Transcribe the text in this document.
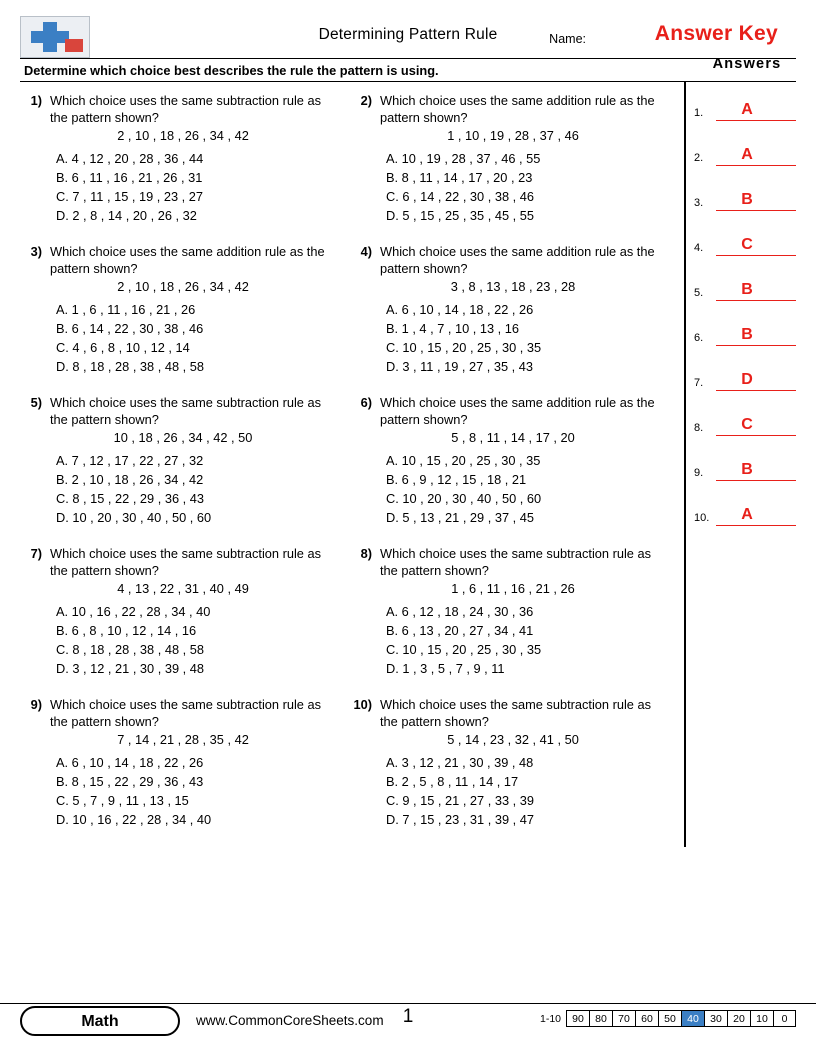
Determining Pattern Rule	Name:	Answer Key
Determine which choice best describes the rule the pattern is using.
1) Which choice uses the same subtraction rule as the pattern shown?
2 , 10 , 18 , 26 , 34 , 42
A. 4 , 12 , 20 , 28 , 36 , 44
B. 6 , 11 , 16 , 21 , 26 , 31
C. 7 , 11 , 15 , 19 , 23 , 27
D. 2 , 8 , 14 , 20 , 26 , 32
2) Which choice uses the same addition rule as the pattern shown?
1 , 10 , 19 , 28 , 37 , 46
A. 10 , 19 , 28 , 37 , 46 , 55
B. 8 , 11 , 14 , 17 , 20 , 23
C. 6 , 14 , 22 , 30 , 38 , 46
D. 5 , 15 , 25 , 35 , 45 , 55
3) Which choice uses the same addition rule as the pattern shown?
2 , 10 , 18 , 26 , 34 , 42
A. 1 , 6 , 11 , 16 , 21 , 26
B. 6 , 14 , 22 , 30 , 38 , 46
C. 4 , 6 , 8 , 10 , 12 , 14
D. 8 , 18 , 28 , 38 , 48 , 58
4) Which choice uses the same addition rule as the pattern shown?
3 , 8 , 13 , 18 , 23 , 28
A. 6 , 10 , 14 , 18 , 22 , 26
B. 1 , 4 , 7 , 10 , 13 , 16
C. 10 , 15 , 20 , 25 , 30 , 35
D. 3 , 11 , 19 , 27 , 35 , 43
5) Which choice uses the same subtraction rule as the pattern shown?
10 , 18 , 26 , 34 , 42 , 50
A. 7 , 12 , 17 , 22 , 27 , 32
B. 2 , 10 , 18 , 26 , 34 , 42
C. 8 , 15 , 22 , 29 , 36 , 43
D. 10 , 20 , 30 , 40 , 50 , 60
6) Which choice uses the same addition rule as the pattern shown?
5 , 8 , 11 , 14 , 17 , 20
A. 10 , 15 , 20 , 25 , 30 , 35
B. 6 , 9 , 12 , 15 , 18 , 21
C. 10 , 20 , 30 , 40 , 50 , 60
D. 5 , 13 , 21 , 29 , 37 , 45
7) Which choice uses the same subtraction rule as the pattern shown?
4 , 13 , 22 , 31 , 40 , 49
A. 10 , 16 , 22 , 28 , 34 , 40
B. 6 , 8 , 10 , 12 , 14 , 16
C. 8 , 18 , 28 , 38 , 48 , 58
D. 3 , 12 , 21 , 30 , 39 , 48
8) Which choice uses the same subtraction rule as the pattern shown?
1 , 6 , 11 , 16 , 21 , 26
A. 6 , 12 , 18 , 24 , 30 , 36
B. 6 , 13 , 20 , 27 , 34 , 41
C. 10 , 15 , 20 , 25 , 30 , 35
D. 1 , 3 , 5 , 7 , 9 , 11
9) Which choice uses the same subtraction rule as the pattern shown?
7 , 14 , 21 , 28 , 35 , 42
A. 6 , 10 , 14 , 18 , 22 , 26
B. 8 , 15 , 22 , 29 , 36 , 43
C. 5 , 7 , 9 , 11 , 13 , 15
D. 10 , 16 , 22 , 28 , 34 , 40
10) Which choice uses the same subtraction rule as the pattern shown?
5 , 14 , 23 , 32 , 41 , 50
A. 3 , 12 , 21 , 30 , 39 , 48
B. 2 , 5 , 8 , 11 , 14 , 17
C. 9 , 15 , 21 , 27 , 33 , 39
D. 7 , 15 , 23 , 31 , 39 , 47
Answers
1.	A
2.	A
3.	B
4.	C
5.	B
6.	B
7.	D
8.	C
9.	B
10.	A
Math	www.CommonCoreSheets.com	1	1-10	90	80	70	60	50	40	30	20	10	0
